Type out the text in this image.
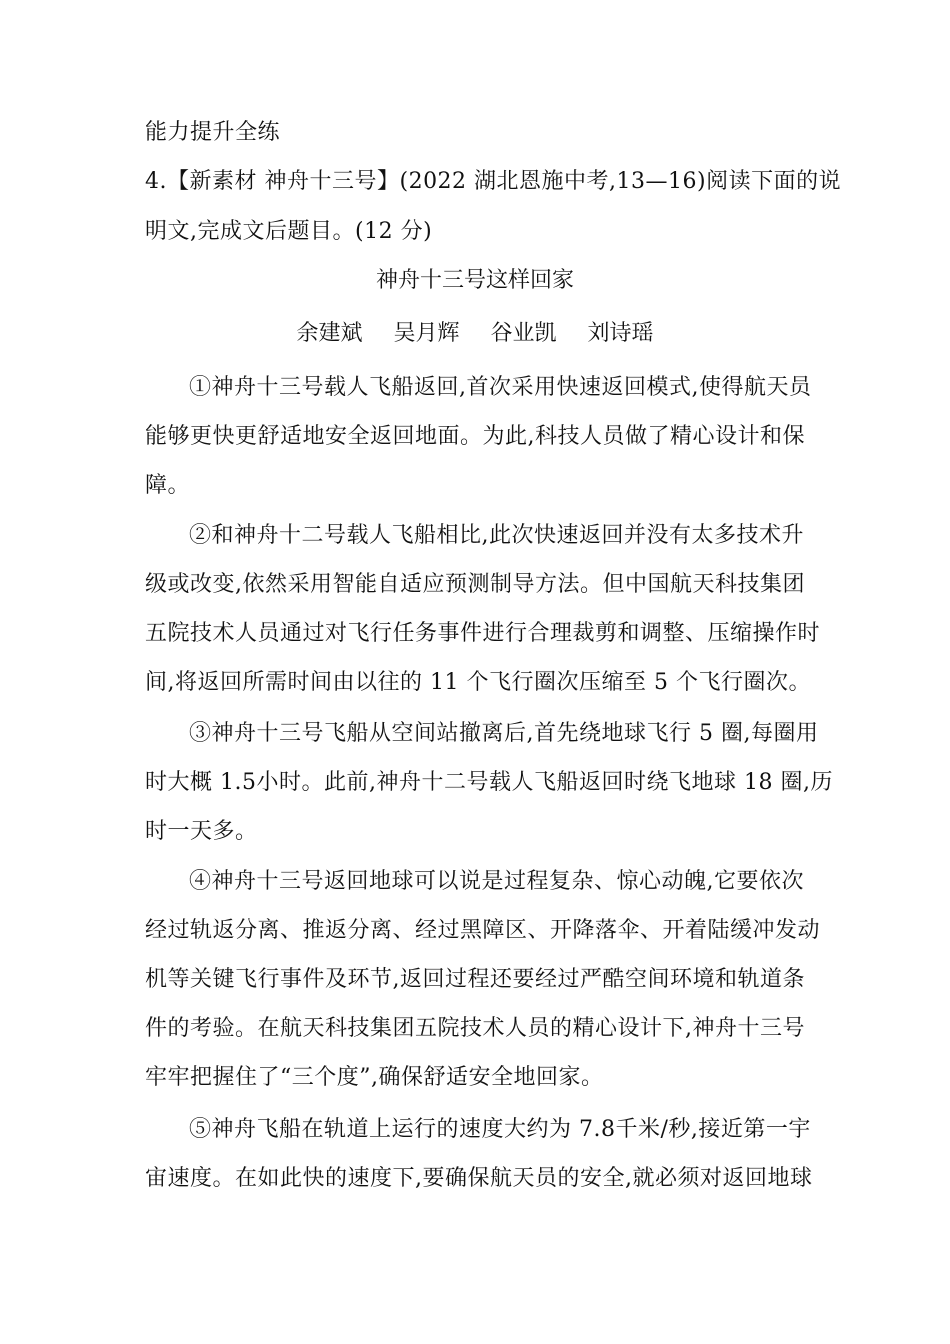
能力提升全练
4.【新素材 神舟十三号】(2022 湖北恩施中考,13—16)阅读下面的说
明文,完成文后题目。(12 分)
神舟十三号这样回家
余建斌 吴月辉 谷业凯 刘诗瑶
①神舟十三号载人飞船返回,首次采用快速返回模式,使得航天员
能够更快更舒适地安全返回地面。为此,科技人员做了精心设计和保
障。
②和神舟十二号载人飞船相比,此次快速返回并没有太多技术升
级或改变,依然采用智能自适应预测制导方法。但中国航天科技集团
五院技术人员通过对飞行任务事件进行合理裁剪和调整、压缩操作时
间,将返回所需时间由以往的 11 个飞行圈次压缩至 5 个飞行圈次。
③神舟十三号飞船从空间站撤离后,首先绕地球飞行 5 圈,每圈用
时大概 1.5小时。此前,神舟十二号载人飞船返回时绕飞地球 18 圈,历
时一天多。
④神舟十三号返回地球可以说是过程复杂、惊心动魄,它要依次
经过轨返分离、推返分离、经过黑障区、开降落伞、开着陆缓冲发动
机等关键飞行事件及环节,返回过程还要经过严酷空间环境和轨道条
件的考验。在航天科技集团五院技术人员的精心设计下,神舟十三号
牢牢把握住了“三个度”,确保舒适安全地回家。
⑤神舟飞船在轨道上运行的速度大约为 7.8千米/秒,接近第一宇
宙速度。在如此快的速度下,要确保航天员的安全,就必须对返回地球
